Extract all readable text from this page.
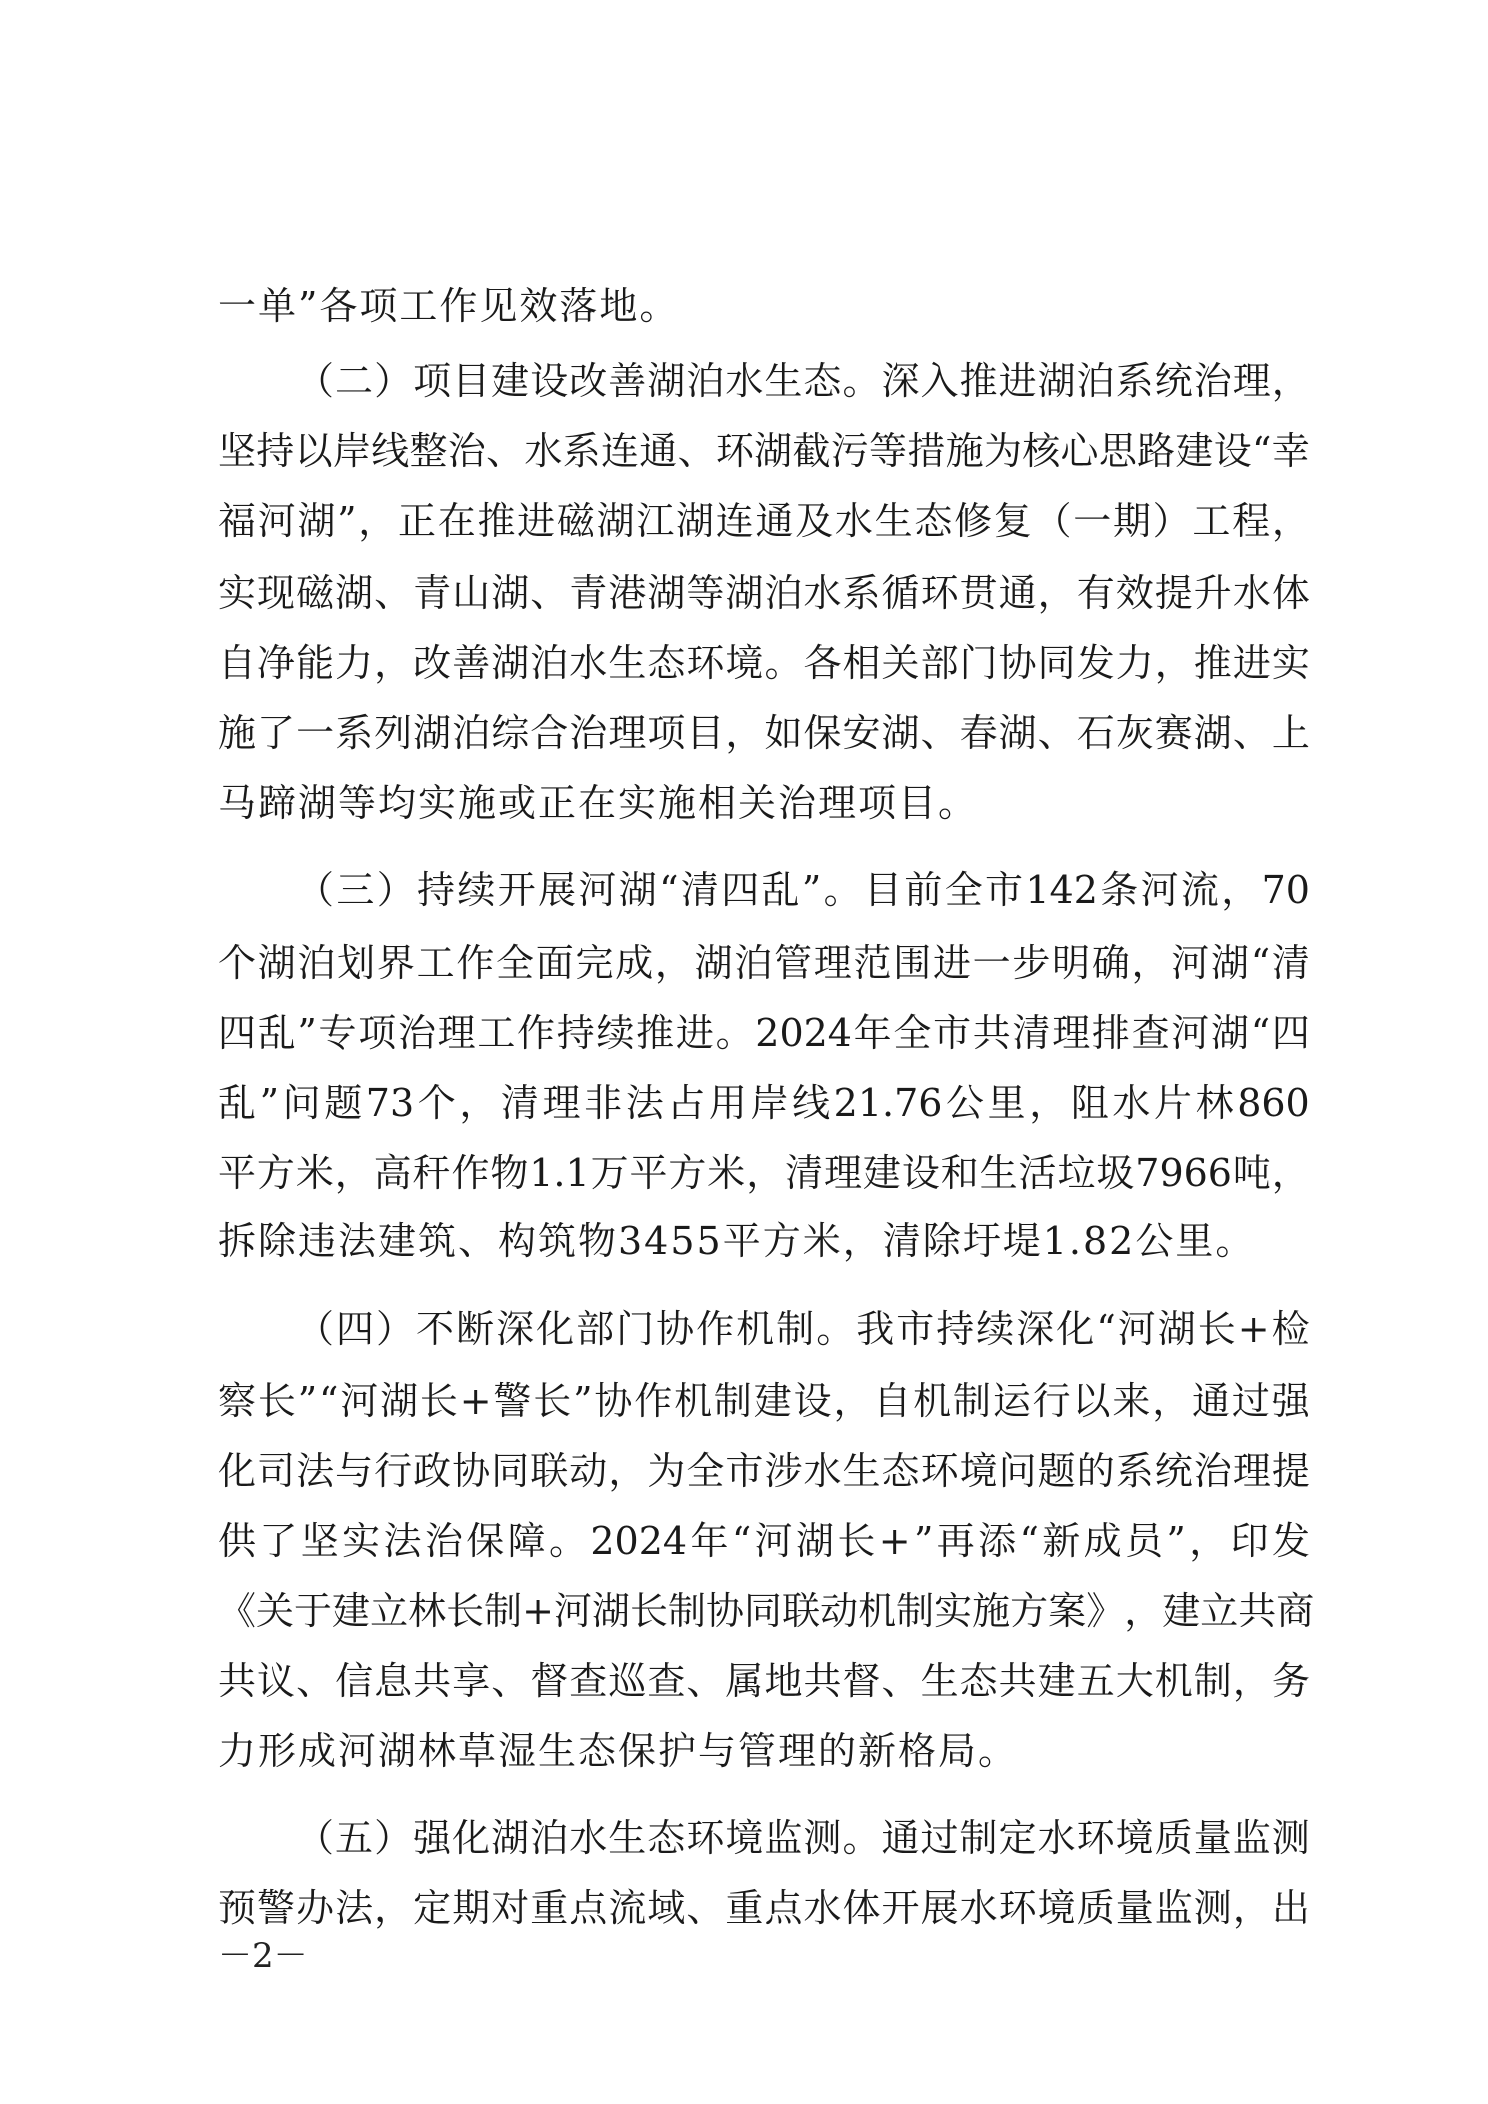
一单”各项工作见效落地。
（ 二 ） 项 目 建 设 改 善 湖 泊 水 生 态 。 深 入 推 进 湖 泊 系 统 治 理 ，
坚 持 以 岸 线 整 治 、 水 系 连 通 、 环 湖 截 污 等 措 施 为 核 心 思 路 建 设 “ 幸
福 河 湖 ” ， 正 在 推 进 磁 湖 江 湖 连 通 及 水 生 态 修 复 （ 一 期 ） 工 程 ，
实 现 磁 湖 、 青 山 湖 、 青 港 湖 等 湖 泊 水 系 循 环 贯 通 ， 有 效 提 升 水 体
自 净 能 力 ， 改 善 湖 泊 水 生 态 环 境 。 各 相 关 部 门 协 同 发 力 ， 推 进 实
施 了 一 系 列 湖 泊 综 合 治 理 项 目 ， 如 保 安 湖 、 春 湖 、 石 灰 赛 湖 、 上
马蹄湖等均实施或正在实施相关治理项目。
（ 三 ） 持 续 开 展 河 湖 “ 清 四 乱 ” 。 目 前 全 市 142 条 河 流 ， 70
个 湖 泊 划 界 工 作 全 面 完 成 ， 湖 泊 管 理 范 围 进 一 步 明 确 ， 河 湖 “ 清
四 乱 ” 专 项 治 理 工 作 持 续 推 进 。 2024 年 全 市 共 清 理 排 查 河 湖 “ 四
乱 ” 问 题 73 个 ， 清 理 非 法 占 用 岸 线 21.76 公 里 ， 阻 水 片 林 860
平 方 米 ， 高 秆 作 物 1.1 万 平 方 米 ， 清 理 建 设 和 生 活 垃 圾 7966 吨 ，
拆除违法建筑、构筑物3455平方米，清除圩堤1.82公里。
（ 四 ） 不 断 深 化 部 门 协 作 机 制 。 我 市 持 续 深 化 “ 河 湖 长 + 检
察 长 ” “ 河 湖 长 + 警 长 ” 协 作 机 制 建 设 ， 自 机 制 运 行 以 来 ， 通 过 强
化 司 法 与 行 政 协 同 联 动 ， 为 全 市 涉 水 生 态 环 境 问 题 的 系 统 治 理 提
供 了 坚 实 法 治 保 障 。 2024 年 “ 河 湖 长 + ” 再 添 “ 新 成 员 ” ， 印 发
《 关 于 建 立 林 长 制 + 河 湖 长 制 协 同 联 动 机 制 实 施 方 案 》 ， 建 立 共 商
共 议 、 信 息 共 享 、 督 查 巡 查 、 属 地 共 督 、 生 态 共 建 五 大 机 制 ， 务
力形成河湖林草湿生态保护与管理的新格局。
（ 五 ） 强 化 湖 泊 水 生 态 环 境 监 测 。 通 过 制 定 水 环 境 质 量 监 测
预 警 办 法 ， 定 期 对 重 点 流 域 、 重 点 水 体 开 展 水 环 境 质 量 监 测 ， 出
－2－
